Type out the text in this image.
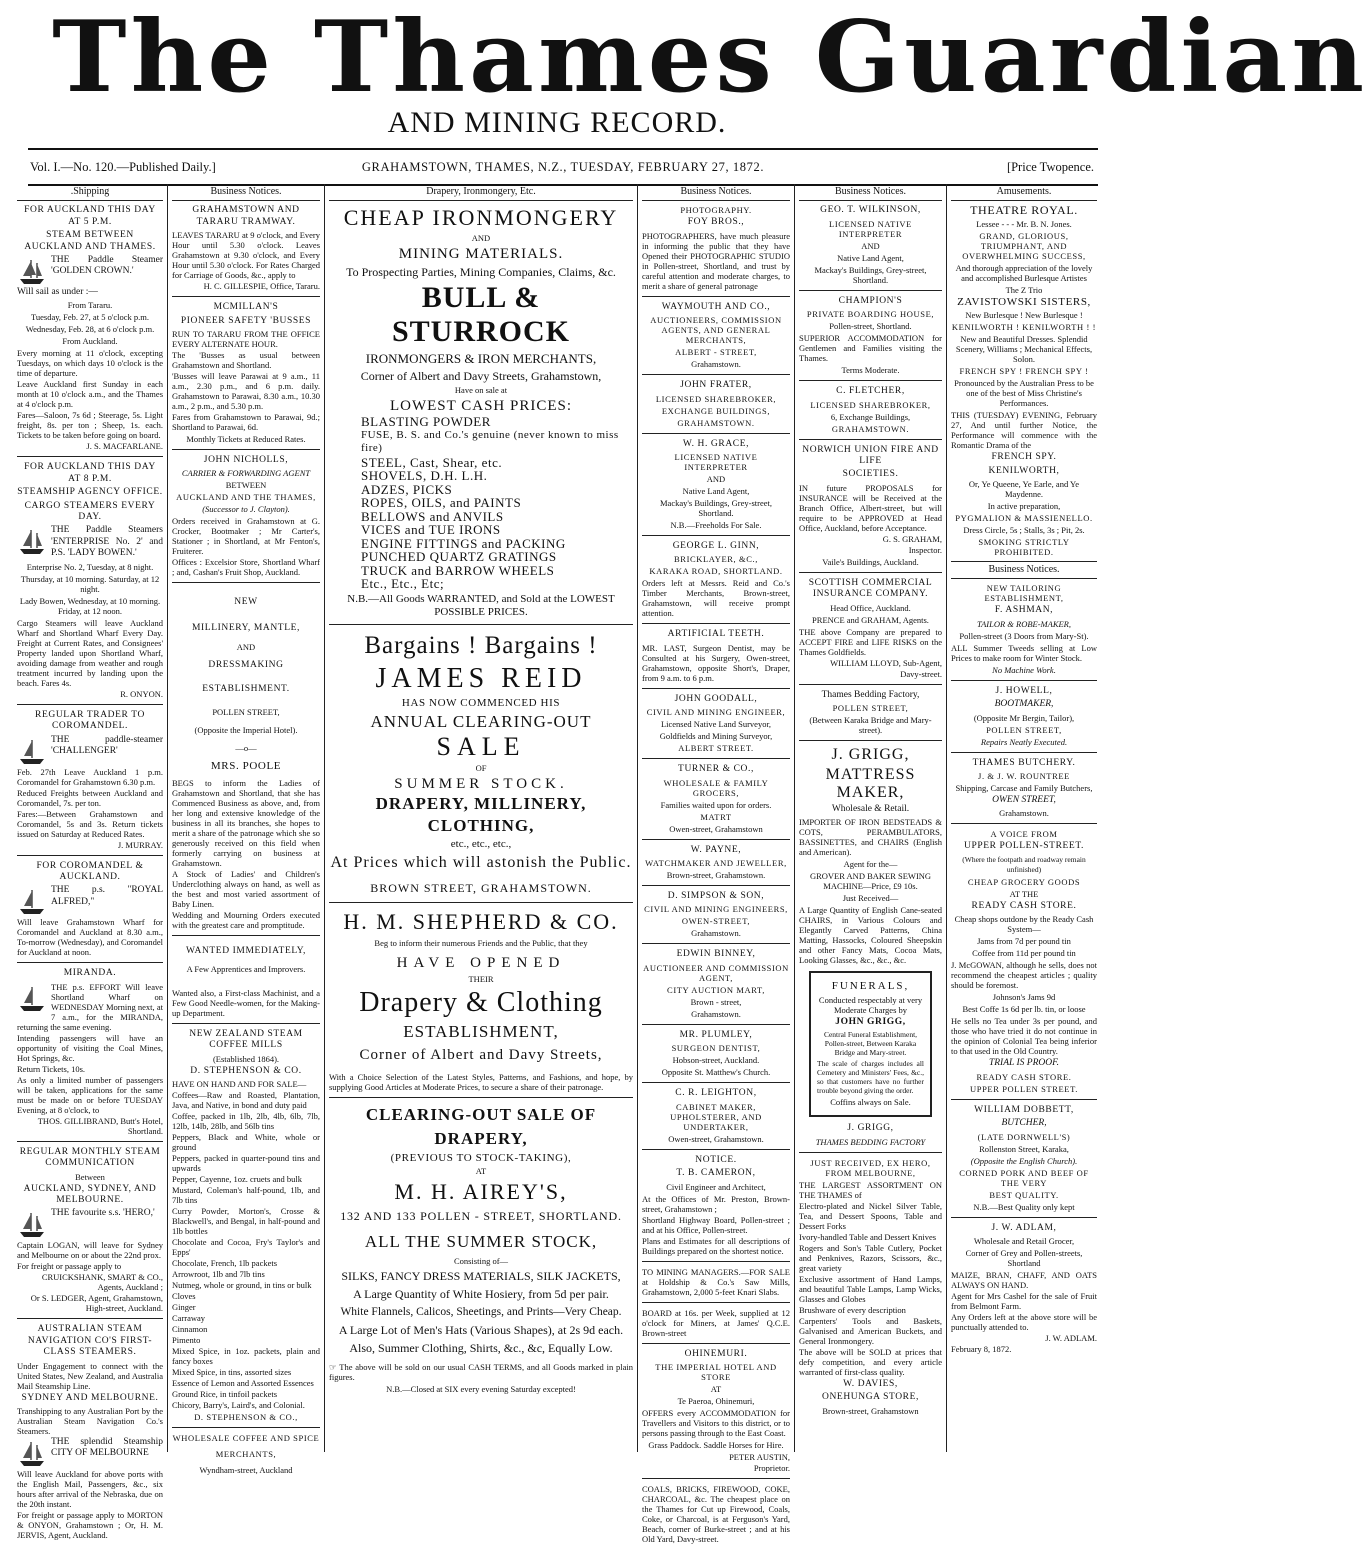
The Thames Guardian
AND MINING RECORD.
Vol. I.—No. 120.—Published Daily.]	GRAHAMSTOWN, THAMES, N.Z., TUESDAY, FEBRUARY 27, 1872.	[Price Twopence.
.Shipping
FOR AUCKLAND THIS DAY AT 5 P.M.
STEAM BETWEEN AUCKLAND AND THAMES.
THE Paddle Steamer 'GOLDEN CROWN.'
Will sail as under :—
From Tararu.
Tuesday, Feb. 27, at 5 o'clock p.m.
Wednesday, Feb. 28, at 6 o'clock p.m.
From Auckland.
Every morning at 11 o'clock, excepting Tuesdays, on which days 10 o'clock is the time of departure.
Leave Auckland first Sunday in each month at 10 o'clock a.m., and the Thames at 4 o'clock p.m.
Fares—Saloon, 7s 6d ; Steerage, 5s. Light freight, 8s. per ton ; Sheep, 1s. each. Tickets to be taken before going on board.
J. S. MACFARLANE.
FOR AUCKLAND THIS DAY AT 8 P.M.
STEAMSHIP AGENCY OFFICE.
CARGO STEAMERS EVERY DAY.
THE Paddle Steamers 'ENTERPRISE No. 2' and P.S. 'LADY BOWEN.'
Enterprise No. 2, Tuesday, at 8 night.
Thursday, at 10 morning. Saturday, at 12 night.
Lady Bowen, Wednesday, at 10 morning. Friday, at 12 noon.
Cargo Steamers will leave Auckland Wharf and Shortland Wharf Every Day. Freight at Current Rates, and Consignees' Property landed upon Shortland Wharf, avoiding damage from weather and rough treatment incurred by landing upon the beach. Fares 4s.
R. ONYON.
REGULAR TRADER TO COROMANDEL.
THE paddle-steamer 'CHALLENGER'
Feb. 27th Leave Auckland 1 p.m. Coromandel for Grahamstown 6.30 p.m.
Reduced Freights between Auckland and Coromandel, 7s. per ton.
Fares:—Between Grahamstown and Coromandel, 5s and 3s. Return tickets issued on Saturday at Reduced Rates.
J. MURRAY.
FOR COROMANDEL & AUCKLAND.
THE p.s. "ROYAL ALFRED,"
Will leave Grahamstown Wharf for Coromandel and Auckland at 8.30 a.m., To-morrow (Wednesday), and Coromandel for Auckland at noon.
MIRANDA.
THE p.s. EFFORT Will leave Shortland Wharf on WEDNESDAY Morning next, at 7 a.m., for the MIRANDA, returning the same evening.
Intending passengers will have an opportunity of visiting the Coal Mines, Hot Springs, &c.
Return Tickets, 10s.
As only a limited number of passengers will be taken, applications for the same must be made on or before TUESDAY Evening, at 8 o'clock, to
THOS. GILLIBRAND, Butt's Hotel, Shortland.
REGULAR MONTHLY STEAM COMMUNICATION
Between
AUCKLAND, SYDNEY, AND MELBOURNE.
THE favourite s.s. 'HERO,'
Captain LOGAN, will leave for Sydney and Melbourne on or about the 22nd prox.
For freight or passage apply to
CRUICKSHANK, SMART & CO., Agents, Auckland ;
Or S. LEDGER, Agent, Grahamstown, High-street, Auckland.
AUSTRALIAN STEAM NAVIGATION CO'S FIRST-CLASS STEAMERS.
Under Engagement to connect with the United States, New Zealand, and Australia Mail Steamship Line.
SYDNEY AND MELBOURNE.
Transhipping to any Australian Port by the Australian Steam Navigation Co.'s Steamers.
THE splendid Steamship CITY OF MELBOURNE
Will leave Auckland for above ports with the English Mail, Passengers, &c., six hours after arrival of the Nebraska, due on the 20th instant.
For freight or passage apply to MORTON & ONYON, Grahamstown ; Or, H. M. JERVIS, Agent, Auckland.
Business Notices.
GRAHAMSTOWN AND TARARU TRAMWAY.
LEAVES TARARU at 9 o'clock, and Every Hour until 5.30 o'clock. Leaves Grahamstown at 9.30 o'clock, and Every Hour until 5.30 o'clock. For Rates Charged for Carriage of Goods, &c., apply to
H. C. GILLESPIE, Office, Tararu.
MCMILLAN'S
PIONEER SAFETY 'BUSSES
RUN TO TARARU FROM THE OFFICE EVERY ALTERNATE HOUR.
The 'Busses as usual between Grahamstown and Shortland.
'Busses will leave Parawai at 9 a.m., 11 a.m., 2.30 p.m., and 6 p.m. daily. Grahamstown to Parawai, 8.30 a.m., 10.30 a.m., 2 p.m., and 5.30 p.m.
Fares from Grahamstown to Parawai, 9d.; Shortland to Parawai, 6d.
Monthly Tickets at Reduced Rates.
JOHN NICHOLLS,
CARRIER & FORWARDING AGENT
BETWEEN
AUCKLAND AND THE THAMES,
(Successor to J. Clayton).
Orders received in Grahamstown at G. Crocker, Bootmaker ; Mr Carter's, Stationer ; in Shortland, at Mr Fenton's, Fruiterer.
Offices : Excelsior Store, Shortland Wharf ; and, Cashan's Fruit Shop, Auckland.
NEW
MILLINERY, MANTLE,
AND
DRESSMAKING
ESTABLISHMENT.
POLLEN STREET,
(Opposite the Imperial Hotel).
—o—
MRS. POOLE
BEGS to inform the Ladies of Grahamstown and Shortland, that she has Commenced Business as above, and, from her long and extensive knowledge of the business in all its branches, she hopes to merit a share of the patronage which she so generously received on this field when formerly carrying on business at Grahamstown.
A Stock of Ladies' and Children's Underclothing always on hand, as well as the best and most varied assortment of Baby Linen.
Wedding and Mourning Orders executed with the greatest care and promptitude.
WANTED IMMEDIATELY,
A Few Apprentices and Improvers.
Wanted also, a First-class Machinist, and a Few Good Needle-women, for the Making-up Department.
NEW ZEALAND STEAM COFFEE MILLS
(Established 1864).
D. STEPHENSON & CO.
HAVE ON HAND AND FOR SALE—
Coffees—Raw and Roasted, Plantation, Java, and Native, in bond and duty paid
Coffee, packed in 1lb, 2lb, 4lb, 6lb, 7lb, 12lb, 14lb, 28lb, and 56lb tins
Peppers, Black and White, whole or ground
Peppers, packed in quarter-pound tins and upwards
Pepper, Cayenne, 1oz. cruets and bulk
Mustard, Coleman's half-pound, 1lb, and 7lb tins
Curry Powder, Morton's, Crosse & Blackwell's, and Bengal, in half-pound and 1lb bottles
Chocolate and Cocoa, Fry's Taylor's and Epps'
Chocolate, French, 1lb packets
Arrowroot, 1lb and 7lb tins
Nutmeg, whole or ground, in tins or bulk
Cloves
Ginger
Carraway
Cinnamon
Pimento
Mixed Spice, in 1oz. packets, plain and fancy boxes
Mixed Spice, in tins, assorted sizes
Essence of Lemon and Assorted Essences
Ground Rice, in tinfoil packets
Chicory, Barry's, Laird's, and Colonial.
D. STEPHENSON & CO.,
WHOLESALE COFFEE AND SPICE
MERCHANTS,
Wyndham-street, Auckland
Drapery, Ironmongery, Etc.
CHEAP IRONMONGERY
AND
MINING MATERIALS.
To Prospecting Parties, Mining Companies, Claims, &c.
BULL & STURROCK
IRONMONGERS & IRON MERCHANTS,
Corner of Albert and Davy Streets, Grahamstown,
Have on sale at
LOWEST CASH PRICES:
BLASTING POWDER
FUSE, B. S. and Co.'s genuine (never known to miss fire)
STEEL, Cast, Shear, etc.
SHOVELS, D.H. L.H.
ADZES, PICKS
ROPES, OILS, and PAINTS
BELLOWS and ANVILS
VICES and TUE IRONS
ENGINE FITTINGS and PACKING
PUNCHED QUARTZ GRATINGS
TRUCK and BARROW WHEELS
Etc., Etc., Etc;
N.B.—All Goods WARRANTED, and Sold at the LOWEST POSSIBLE PRICES.
Bargains ! Bargains !
JAMES REID
HAS NOW COMMENCED HIS
ANNUAL CLEARING-OUT
SALE
OF
SUMMER STOCK.
DRAPERY, MILLINERY, CLOTHING,
etc., etc., etc.,
At Prices which will astonish the Public.
BROWN STREET, GRAHAMSTOWN.
H. M. SHEPHERD & CO.
Beg to inform their numerous Friends and the Public, that they
HAVE OPENED
THEIR
Drapery & Clothing
ESTABLISHMENT,
Corner of Albert and Davy Streets,
With a Choice Selection of the Latest Styles, Patterns, and Fashions, and hope, by supplying Good Articles at Moderate Prices, to secure a share of their patronage.
CLEARING-OUT SALE OF DRAPERY,
(PREVIOUS TO STOCK-TAKING),
AT
M. H. AIREY'S,
132 AND 133 POLLEN - STREET, SHORTLAND.
ALL THE SUMMER STOCK,
Consisting of—
SILKS, FANCY DRESS MATERIALS, SILK JACKETS,
A Large Quantity of White Hosiery, from 5d per pair.
White Flannels, Calicos, Sheetings, and Prints—Very Cheap.
A Large Lot of Men's Hats (Various Shapes), at 2s 9d each.
Also, Summer Clothing, Shirts, &c., &c, Equally Low.
☞ The above will be sold on our usual CASH TERMS, and all Goods marked in plain figures.
N.B.—Closed at SIX every evening Saturday excepted!
Business Notices.
PHOTOGRAPHY.
FOY BROS.,
PHOTOGRAPHERS, have much pleasure in informing the public that they have Opened their PHOTOGRAPHIC STUDIO in Pollen-street, Shortland, and trust by careful attention and moderate charges, to merit a share of general patronage
WAYMOUTH AND CO.,
AUCTIONEERS, COMMISSION AGENTS, AND GENERAL MERCHANTS,
ALBERT - STREET,
Grahamstown.
JOHN FRATER,
LICENSED SHAREBROKER,
EXCHANGE BUILDINGS,
GRAHAMSTOWN.
W. H. GRACE,
LICENSED NATIVE INTERPRETER
AND
Native Land Agent,
Mackay's Buildings, Grey-street, Shortland.
N.B.—Freeholds For Sale.
GEORGE L. GINN,
BRICKLAYER, &C.,
KARAKA ROAD, SHORTLAND.
Orders left at Messrs. Reid and Co.'s Timber Merchants, Brown-street, Grahamstown, will receive prompt attention.
ARTIFICIAL TEETH.
MR. LAST, Surgeon Dentist, may be Consulted at his Surgery, Owen-street, Grahamstown, opposite Short's, Draper, from 9 a.m. to 6 p.m.
JOHN GOODALL,
CIVIL AND MINING ENGINEER,
Licensed Native Land Surveyor,
Goldfields and Mining Surveyor,
ALBERT STREET.
TURNER & CO.,
WHOLESALE & FAMILY GROCERS,
Families waited upon for orders.
MATRT
Owen-street, Grahamstown
W. PAYNE,
WATCHMAKER AND JEWELLER,
Brown-street, Grahamstown.
D. SIMPSON & SON,
CIVIL AND MINING ENGINEERS,
OWEN-STREET,
Grahamstown.
EDWIN BINNEY,
AUCTIONEER AND COMMISSION AGENT,
CITY AUCTION MART,
Brown - street,
Grahamstown.
MR. PLUMLEY,
SURGEON DENTIST,
Hobson-street, Auckland.
Opposite St. Matthew's Church.
C. R. LEIGHTON,
CABINET MAKER, UPHOLSTERER, AND UNDERTAKER,
Owen-street, Grahamstown.
NOTICE.
T. B. CAMERON,
Civil Engineer and Architect,
At the Offices of Mr. Preston, Brown-street, Grahamstown ;
Shortland Highway Board, Pollen-street ; and at his Office, Pollen-street.
Plans and Estimates for all descriptions of Buildings prepared on the shortest notice.
TO MINING MANAGERS.—FOR SALE at Holdship & Co.'s Saw Mills, Grahamstown, 2,000 5-feet Knari Slabs.
BOARD at 16s. per Week, supplied at 12 o'clock for Miners, at James' Q.C.E. Brown-street
OHINEMURI.
THE IMPERIAL HOTEL AND STORE
AT
Te Paeroa, Ohinemuri,
OFFERS every ACCOMMODATION for Travellers and Visitors to this district, or to persons passing through to the East Coast.
Grass Paddock. Saddle Horses for Hire.
PETER AUSTIN,
Proprietor.
COALS, BRICKS, FIREWOOD, COKE, CHARCOAL, &c. The cheapest place on the Thames for Cut up Firewood, Coals, Coke, or Charcoal, is at Ferguson's Yard, Beach, corner of Burke-street ; and at his Old Yard, Davy-street.
Business Notices.
GEO. T. WILKINSON,
LICENSED NATIVE INTERPRETER
AND
Native Land Agent,
Mackay's Buildings, Grey-street, Shortland.
CHAMPION'S
PRIVATE BOARDING HOUSE,
Pollen-street, Shortland.
SUPERIOR ACCOMMODATION for Gentlemen and Families visiting the Thames.
Terms Moderate.
C. FLETCHER,
LICENSED SHAREBROKER,
6, Exchange Buildings,
GRAHAMSTOWN.
NORWICH UNION FIRE AND LIFE
SOCIETIES.
IN future PROPOSALS for INSURANCE will be Received at the Branch Office, Albert-street, but will require to be APPROVED at Head Office, Auckland, before Acceptance.
G. S. GRAHAM,
Inspector.
Vaile's Buildings, Auckland.
SCOTTISH COMMERCIAL INSURANCE COMPANY.
Head Office, Auckland.
PRENCE and GRAHAM, Agents.
THE above Company are prepared to ACCEPT FIRE and LIFE RISKS on the Thames Goldfields.
WILLIAM LLOYD, Sub-Agent,
Davy-street.
Thames Bedding Factory,
POLLEN STREET,
(Between Karaka Bridge and Mary-street).
J. GRIGG,
MATTRESS MAKER,
Wholesale & Retail.
IMPORTER OF IRON BEDSTEADS & COTS, PERAMBULATORS, BASSINETTES, and CHAIRS (English and American).
Agent for the—
GROVER AND BAKER SEWING MACHINE—Price, £9 10s.
Just Received—
A Large Quantity of English Cane-seated CHAIRS, in Various Colours and Elegantly Carved Patterns, China Matting, Hassocks, Coloured Sheepskin and other Fancy Mats, Cocoa Mats, Looking Glasses, &c., &c., &c.
FUNERALS,
Conducted respectably at very Moderate Charges by
JOHN GRIGG,
Central Funeral Establishment, Pollen-street, Between Karaka Bridge and Mary-street.
The scale of charges includes all Cemetery and Ministers' Fees, &c., so that customers have no further trouble beyond giving the order.
Coffins always on Sale.
J. GRIGG,
THAMES BEDDING FACTORY
JUST RECEIVED, EX HERO, FROM MELBOURNE,
THE LARGEST ASSORTMENT ON THE THAMES of
Electro-plated and Nickel Silver Table, Tea, and Dessert Spoons, Table and Dessert Forks
Ivory-handled Table and Dessert Knives
Rogers and Son's Table Cutlery, Pocket and Penknives, Razors, Scissors, &c., great variety
Exclusive assortment of Hand Lamps, and beautiful Table Lamps, Lamp Wicks, Glasses and Globes
Brushware of every description
Carpenters' Tools and Baskets, Galvanised and American Buckets, and General Ironmongery.
The above will be SOLD at prices that defy competition, and every article warranted of first-class quality.
W. DAVIES,
ONEHUNGA STORE,
Brown-street, Grahamstown
Amusements.
THEATRE ROYAL.
Lessee - - - Mr. B. N. Jones.
GRAND, GLORIOUS, TRIUMPHANT, AND OVERWHELMING SUCCESS,
And thorough appreciation of the lovely and accomplished Burlesque Artistes
The Z Trio
ZAVISTOWSKI SISTERS,
New Burlesque ! New Burlesque !
KENILWORTH ! KENILWORTH ! !
New and Beautiful Dresses. Splendid Scenery, Williams ; Mechanical Effects, Solon.
FRENCH SPY ! FRENCH SPY !
Pronounced by the Australian Press to be one of the best of Miss Christine's Performances.
THIS (TUESDAY) EVENING, February 27, And until further Notice, the Performance will commence with the Romantic Drama of the
FRENCH SPY.
KENILWORTH,
Or, Ye Queene, Ye Earle, and Ye Maydenne.
In active preparation,
PYGMALION & MASSIENELLO.
Dress Circle, 5s ; Stalls, 3s ; Pit, 2s.
SMOKING STRICTLY PROHIBITED.
Business Notices.
NEW TAILORING ESTABLISHMENT,
F. ASHMAN,
TAILOR & ROBE-MAKER,
Pollen-street (3 Doors from Mary-St).
ALL Summer Tweeds selling at Low Prices to make room for Winter Stock.
No Machine Work.
J. HOWELL,
BOOTMAKER,
(Opposite Mr Bergin, Tailor),
POLLEN STREET,
Repairs Neatly Executed.
THAMES BUTCHERY.
J. & J. W. ROUNTREE
Shipping, Carcase and Family Butchers,
OWEN STREET,
Grahamstown.
A VOICE FROM
UPPER POLLEN-STREET.
(Where the footpath and roadway remain unfinished)
CHEAP GROCERY GOODS
AT THE
READY CASH STORE.
Cheap shops outdone by the Ready Cash System—
Jams from 7d per pound tin
Coffee from 11d per pound tin
J. McGOWAN, although he sells, does not recommend the cheapest articles ; quality should be foremost.
Johnson's Jams 9d
Best Coffe 1s 6d per lb. tin, or loose
He sells no Tea under 3s per pound, and those who have tried it do not continue in the opinion of Colonial Tea being inferior to that used in the Old Country.
TRIAL IS PROOF.
READY CASH STORE.
UPPER POLLEN STREET.
WILLIAM DOBBETT,
BUTCHER,
(LATE DORNWELL'S)
Rollenston Street, Karaka,
(Opposite the English Church).
CORNED PORK AND BEEF OF THE VERY
BEST QUALITY.
N.B.—Best Quality only kept
J. W. ADLAM,
Wholesale and Retail Grocer,
Corner of Grey and Pollen-streets, Shortland
MAIZE, BRAN, CHAFF, AND OATS ALWAYS ON HAND.
Agent for Mrs Cashel for the sale of Fruit from Belmont Farm.
Any Orders left at the above store will be punctually attended to.
J. W. ADLAM.
February 8, 1872.
